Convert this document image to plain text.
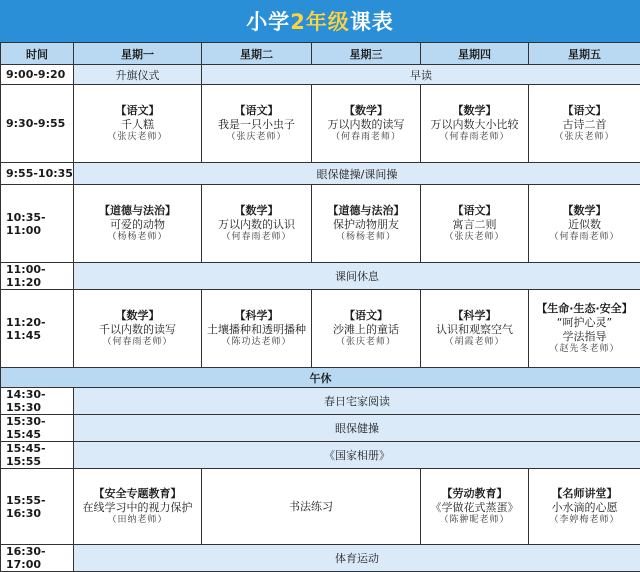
小学2年级课表
时间	星期一	星期二	星期三	星期四	星期五
9:00-9:20	升旗仪式	早读			
9:30-9:55	【语文】
千人糕
（张庆老师）	【语文】
我是一只小虫子
（张庆老师）	【数学】
万以内数的读写
（何春雨老师）	【数学】
万以内数大小比较
（何春雨老师）	【语文】
古诗二首
（张庆老师）

9:55-10:35	眼保健操/课间操				
10:35-11:00	【道德与法治】
可爱的动物
（杨杨老师）	【数学】
万以内数的认识
（何春雨老师）	【道德与法治】
保护动物朋友
（杨杨老师）	【语文】
寓言二则
（张庆老师）	【数学】
近似数
（何春雨老师）

11:00-11:20	课间休息				
11:20-11:45	【数学】
千以内数的读写
（何春雨老师）	【科学】
土壤播种和透明播种
（陈功达老师）	【语文】
沙滩上的童话
（张庆老师）	【科学】
认识和观察空气
（胡霞老师）	【生命·生态·安全】
“呵护心灵”
学法指导
（赵先冬老师）

午休					
14:30-15:30	春日宅家阅读				
15:30-15:45	眼保健操				
15:45-15:55	《国家相册》				
15:55-16:30	【安全专题教育】
在线学习中的视力保护
（田纳老师）	书法练习		【劳动教育】
《学做花式蒸蛋》
（陈翀昵老师）	【名师讲堂】
小水滴的心愿
（李婷梅老师）

16:30-17:00	体育运动				
